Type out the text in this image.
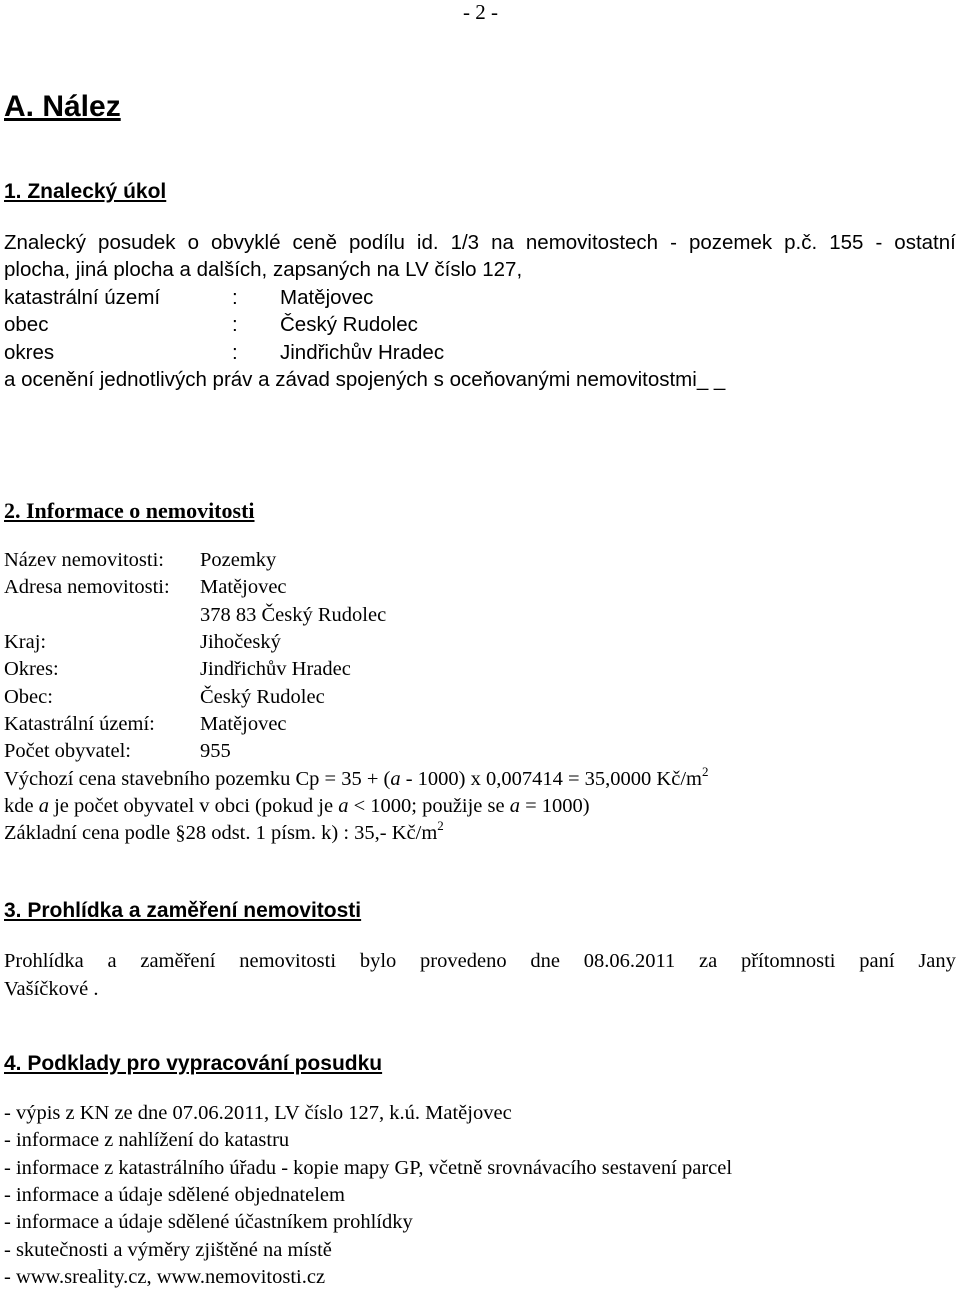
- 2 -
A. Nález
1. Znalecký úkol
Znalecký posudek o obvyklé ceně podílu id. 1/3 na nemovitostech - pozemek p.č. 155 - ostatní
plocha, jiná plocha a dalších, zapsaných na LV číslo 127,
katastrální území	: Matějovec
obec	: Český Rudolec
okres	: Jindřichův Hradec
a ocenění jednotlivých práv a závad spojených s oceňovanými nemovitostmi_ _
2. Informace o nemovitosti
Název nemovitosti: Pozemky
Adresa nemovitosti: Matějovec
378 83 Český Rudolec
Kraj:	Jihočeský
Okres:	Jindřichův Hradec
Obec:	Český Rudolec
Katastrální území: Matějovec
Počet obyvatel:	955
Výchozí cena stavebního pozemku Cp = 35 + (a - 1000) x 0,007414 = 35,0000 $Kč/m^2$
kde a je počet obyvatel v obci (pokud je a < 1000; použije se a = 1000)
Základní cena podle §28 odst. 1 písm. k) : 35,- $Kč/m^2$
3. Prohlídka a zaměření nemovitosti
Prohlídka a zaměření nemovitosti bylo provedeno dne 08.06.2011 za přítomnosti paní Jany
Vašíčkové .
4. Podklady pro vypracování posudku
- výpis z KN ze dne 07.06.2011, LV číslo 127, k.ú. Matějovec
- informace z nahlížení do katastru
- informace z katastrálního úřadu - kopie mapy GP, včetně srovnávacího sestavení parcel
- informace a údaje sdělené objednatelem
- informace a údaje sdělené účastníkem prohlídky
- skutečnosti a výměry zjištěné na místě
- www.sreality.cz, www.nemovitosti.cz
